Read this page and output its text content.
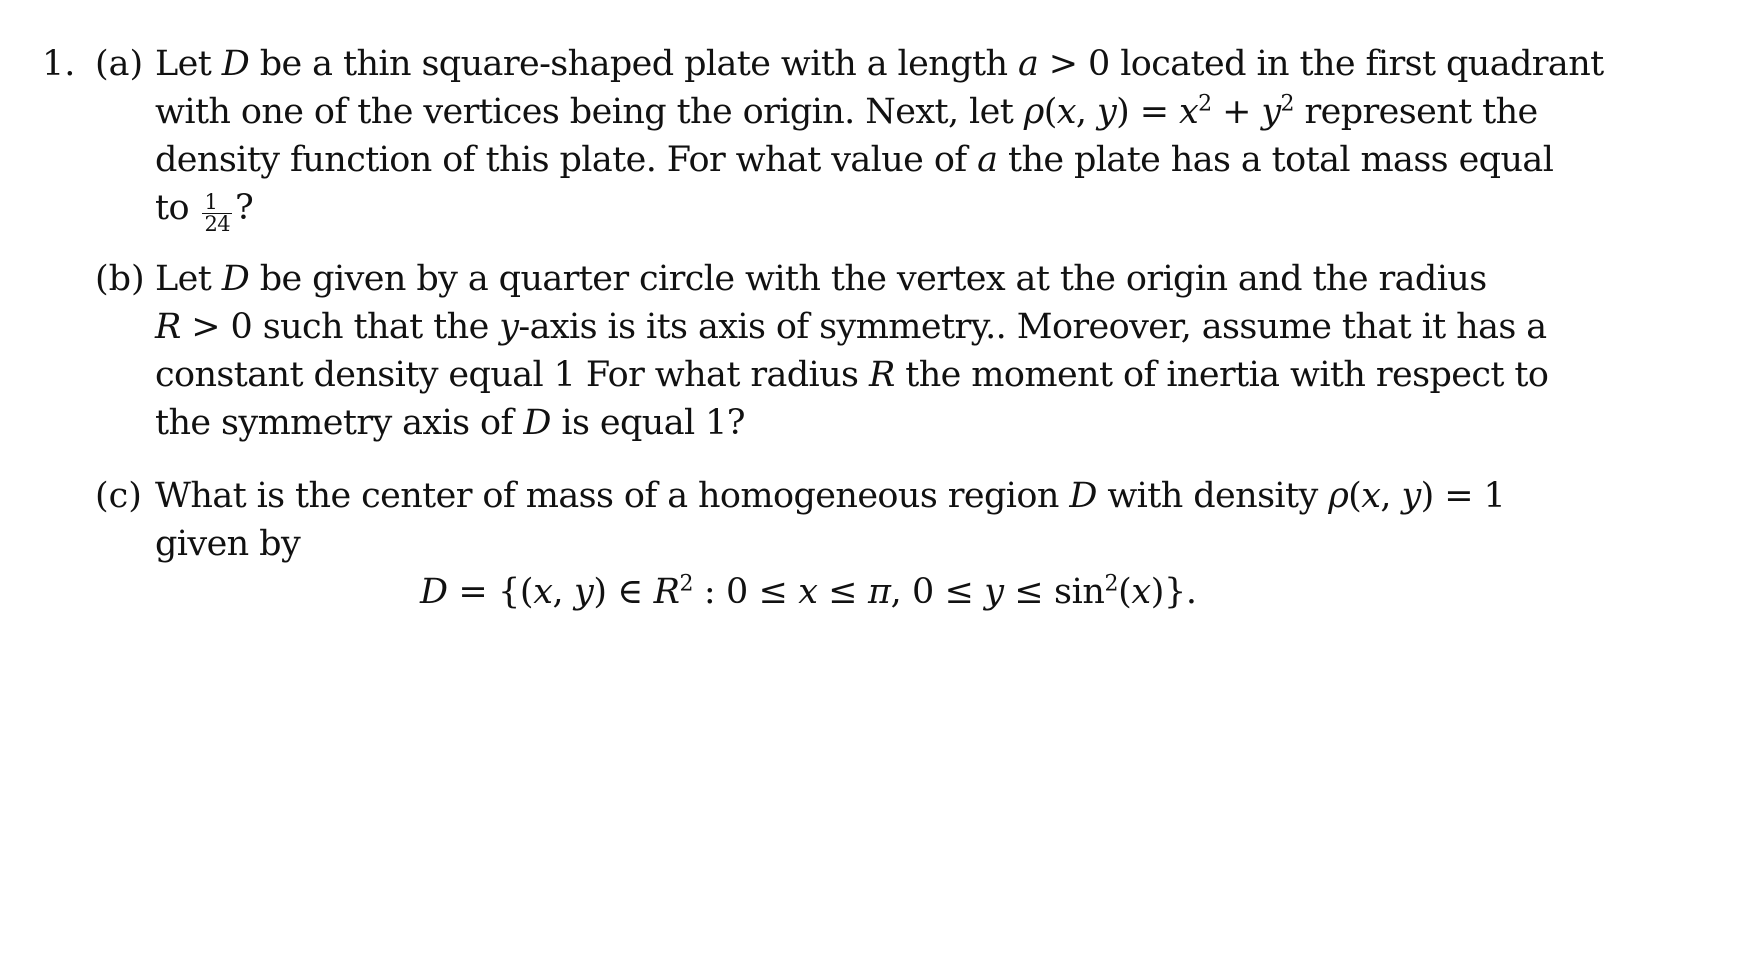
1. (a) Let D be a thin square-shaped plate with a length a > 0 located in the first quadrant
with one of the vertices being the origin. Next, let ρ(x, $y) = x^2 + y^2$ represent the
density function of this plate. For what value of a the plate has a total mass equal
to $\frac{1}{24}$ ?
(b) Let D be given by a quarter circle with the vertex at the origin and the radius
R > 0 such that the y-axis is its axis of symmetry.. Moreover, assume that it has a
constant density equal 1 For what radius R the moment of inertia with respect to
the symmetry axis of D is equal 1?
(c) What is the center of mass of a homogeneous region D with density ρ(x, y) = 1
given by
D = {(x, y) ∈ $R^2$ : 0 ≤ x ≤ π, $0 \le y \le \sin^2(x)$}.
